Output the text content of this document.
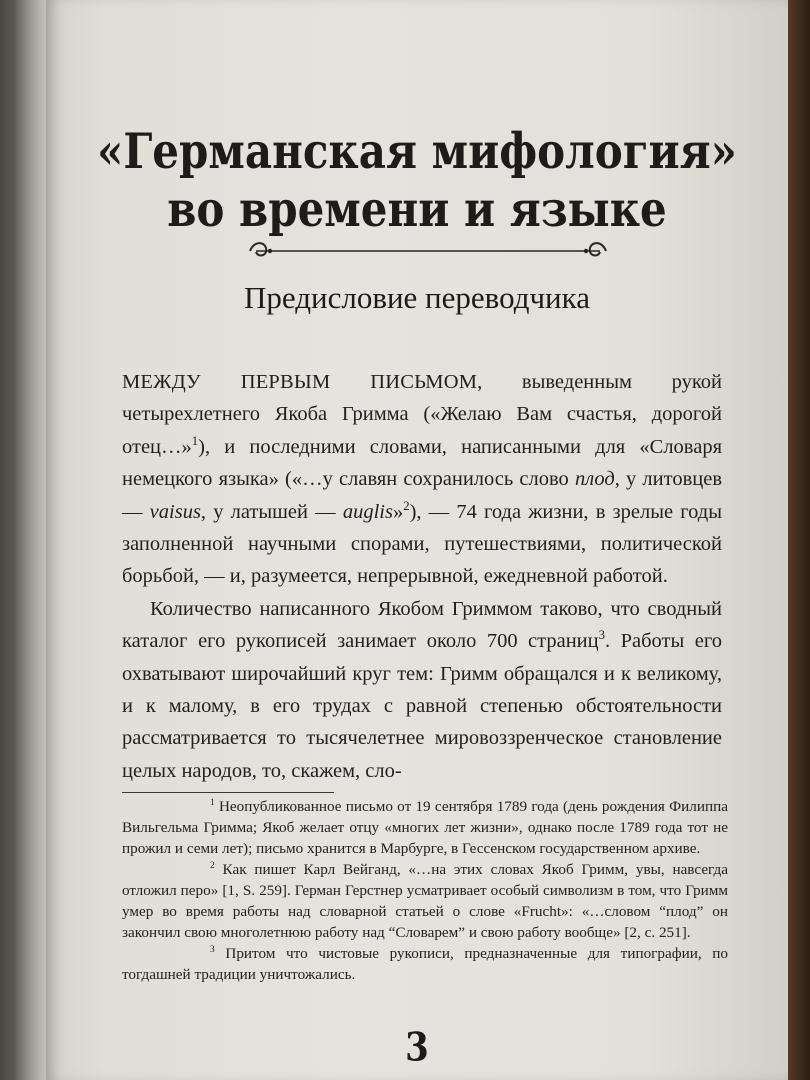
«Германская мифология»
во времени и языке
Предисловие переводчика

МЕЖДУ ПЕРВЫМ ПИСЬМОМ, выведенным рукой четырехлетнего Якоба Гримма («Желаю Вам счастья, дорогой отец…»$^1$), и последними словами, написанными для «Словаря немецкого языка» («…у славян сохранилось слово плод, у литовцев — vaisus, у латышей — auglis»$^2$), — 74 года жизни, в зрелые годы заполненной научными спорами, путешествиями, политической борьбой, — и, разумеется, непрерывной, ежедневной работой.

Количество написанного Якобом Гриммом таково, что сводный каталог его рукописей занимает около 700 страниц$^3$. Работы его охватывают широчайший круг тем: Гримм обращался и к великому, и к малому, в его трудах с равной степенью обстоятельности рассматривается то тысячелетнее мировоззренческое становление целых народов, то, скажем, сло-

$^1$ Неопубликованное письмо от 19 сентября 1789 года (день рождения Филиппа Вильгельма Гримма; Якоб желает отцу «многих лет жизни», однако после 1789 года тот не прожил и семи лет); письмо хранится в Марбурге, в Гессенском государственном архиве.

$^2$ Как пишет Карл Вейганд, «…на этих словах Якоб Гримм, увы, навсегда отложил перо» [1, S. 259]. Герман Герстнер усматривает особый символизм в том, что Гримм умер во время работы над словарной статьей о слове «Frucht»: «…словом “плод” он закончил свою многолетнюю работу над “Словарем” и свою работу вообще» [2, с. 251].

$^3$ Притом что чистовые рукописи, предназначенные для типографии, по тогдашней традиции уничтожались.

3
